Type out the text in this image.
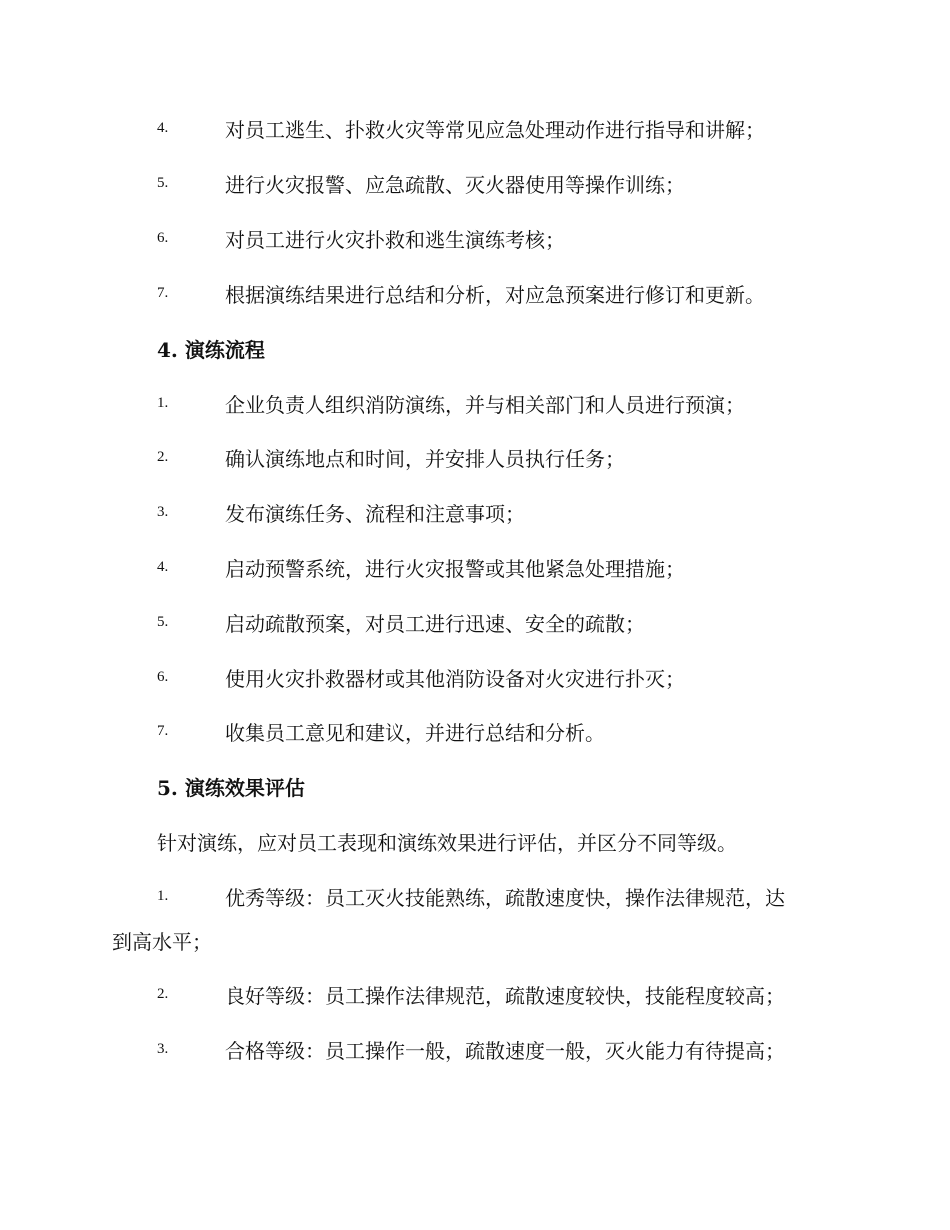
4.	对员工逃生、扑救火灾等常见应急处理动作进行指导和讲解；
5.	进行火灾报警、应急疏散、灭火器使用等操作训练；
6.	对员工进行火灾扑救和逃生演练考核；
7.	根据演练结果进行总结和分析，对应急预案进行修订和更新。
4. 演练流程
1.	企业负责人组织消防演练，并与相关部门和人员进行预演；
2.	确认演练地点和时间，并安排人员执行任务；
3.	发布演练任务、流程和注意事项；
4.	启动预警系统，进行火灾报警或其他紧急处理措施；
5.	启动疏散预案，对员工进行迅速、安全的疏散；
6.	使用火灾扑救器材或其他消防设备对火灾进行扑灭；
7.	收集员工意见和建议，并进行总结和分析。
5. 演练效果评估
针对演练，应对员工表现和演练效果进行评估，并区分不同等级。
1.	优秀等级：员工灭火技能熟练，疏散速度快，操作法律规范，达
到高水平；
2.	良好等级：员工操作法律规范，疏散速度较快，技能程度较高；
3.	合格等级：员工操作一般，疏散速度一般，灭火能力有待提高；
